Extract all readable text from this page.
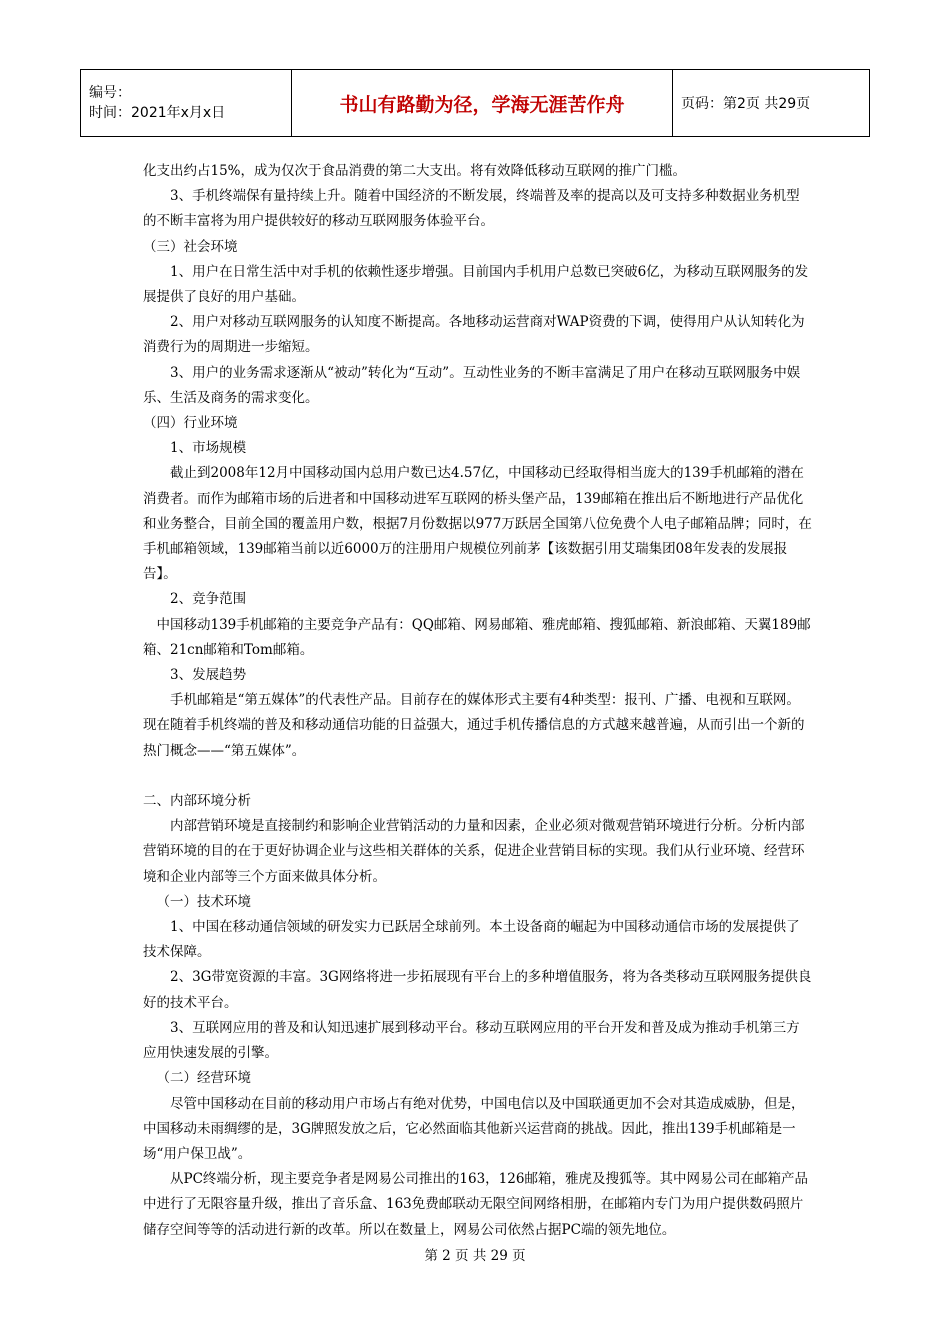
编号：
时间：2021年x月x日	书山有路勤为径，学海无涯苦作舟	页码：第2页 共29页

化支出约占15%，成为仅次于食品消费的第二大支出。将有效降低移动互联网的推广门槛。

3、手机终端保有量持续上升。随着中国经济的不断发展，终端普及率的提高以及可支持多种数据业务机型的不断丰富将为用户提供较好的移动互联网服务体验平台。

（三）社会环境

1、用户在日常生活中对手机的依赖性逐步增强。目前国内手机用户总数已突破6亿，为移动互联网服务的发展提供了良好的用户基础。

2、用户对移动互联网服务的认知度不断提高。各地移动运营商对WAP资费的下调，使得用户从认知转化为消费行为的周期进一步缩短。

3、用户的业务需求逐渐从“被动”转化为“互动”。互动性业务的不断丰富满足了用户在移动互联网服务中娱乐、生活及商务的需求变化。

（四）行业环境

1、市场规模

截止到2008年12月中国移动国内总用户数已达4.57亿，中国移动已经取得相当庞大的139手机邮箱的潜在消费者。而作为邮箱市场的后进者和中国移动进军互联网的桥头堡产品，139邮箱在推出后不断地进行产品优化和业务整合，目前全国的覆盖用户数，根据7月份数据以977万跃居全国第八位免费个人电子邮箱品牌；同时，在手机邮箱领域，139邮箱当前以近6000万的注册用户规模位列前茅【该数据引用艾瑞集团08年发表的发展报告】。

2、竞争范围

中国移动139手机邮箱的主要竞争产品有：QQ邮箱、网易邮箱、雅虎邮箱、搜狐邮箱、新浪邮箱、天翼189邮箱、21cn邮箱和Tom邮箱。

3、发展趋势

手机邮箱是“第五媒体”的代表性产品。目前存在的媒体形式主要有4种类型：报刊、广播、电视和互联网。现在随着手机终端的普及和移动通信功能的日益强大，通过手机传播信息的方式越来越普遍，从而引出一个新的热门概念——“第五媒体”。

二、内部环境分析

内部营销环境是直接制约和影响企业营销活动的力量和因素，企业必须对微观营销环境进行分析。分析内部营销环境的目的在于更好协调企业与这些相关群体的关系，促进企业营销目标的实现。我们从行业环境、经营环境和企业内部等三个方面来做具体分析。

（一）技术环境

1、中国在移动通信领域的研发实力已跃居全球前列。本土设备商的崛起为中国移动通信市场的发展提供了技术保障。

2、3G带宽资源的丰富。3G网络将进一步拓展现有平台上的多种增值服务，将为各类移动互联网服务提供良好的技术平台。

3、互联网应用的普及和认知迅速扩展到移动平台。移动互联网应用的平台开发和普及成为推动手机第三方应用快速发展的引擎。

（二）经营环境

尽管中国移动在目前的移动用户市场占有绝对优势，中国电信以及中国联通更加不会对其造成威胁，但是，中国移动未雨绸缪的是，3G牌照发放之后，它必然面临其他新兴运营商的挑战。因此，推出139手机邮箱是一场“用户保卫战”。

从PC终端分析，现主要竞争者是网易公司推出的163，126邮箱，雅虎及搜狐等。其中网易公司在邮箱产品中进行了无限容量升级，推出了音乐盒、163免费邮联动无限空间网络相册，在邮箱内专门为用户提供数码照片储存空间等等的活动进行新的改革。所以在数量上，网易公司依然占据PC端的领先地位。

第 2 页 共 29 页
